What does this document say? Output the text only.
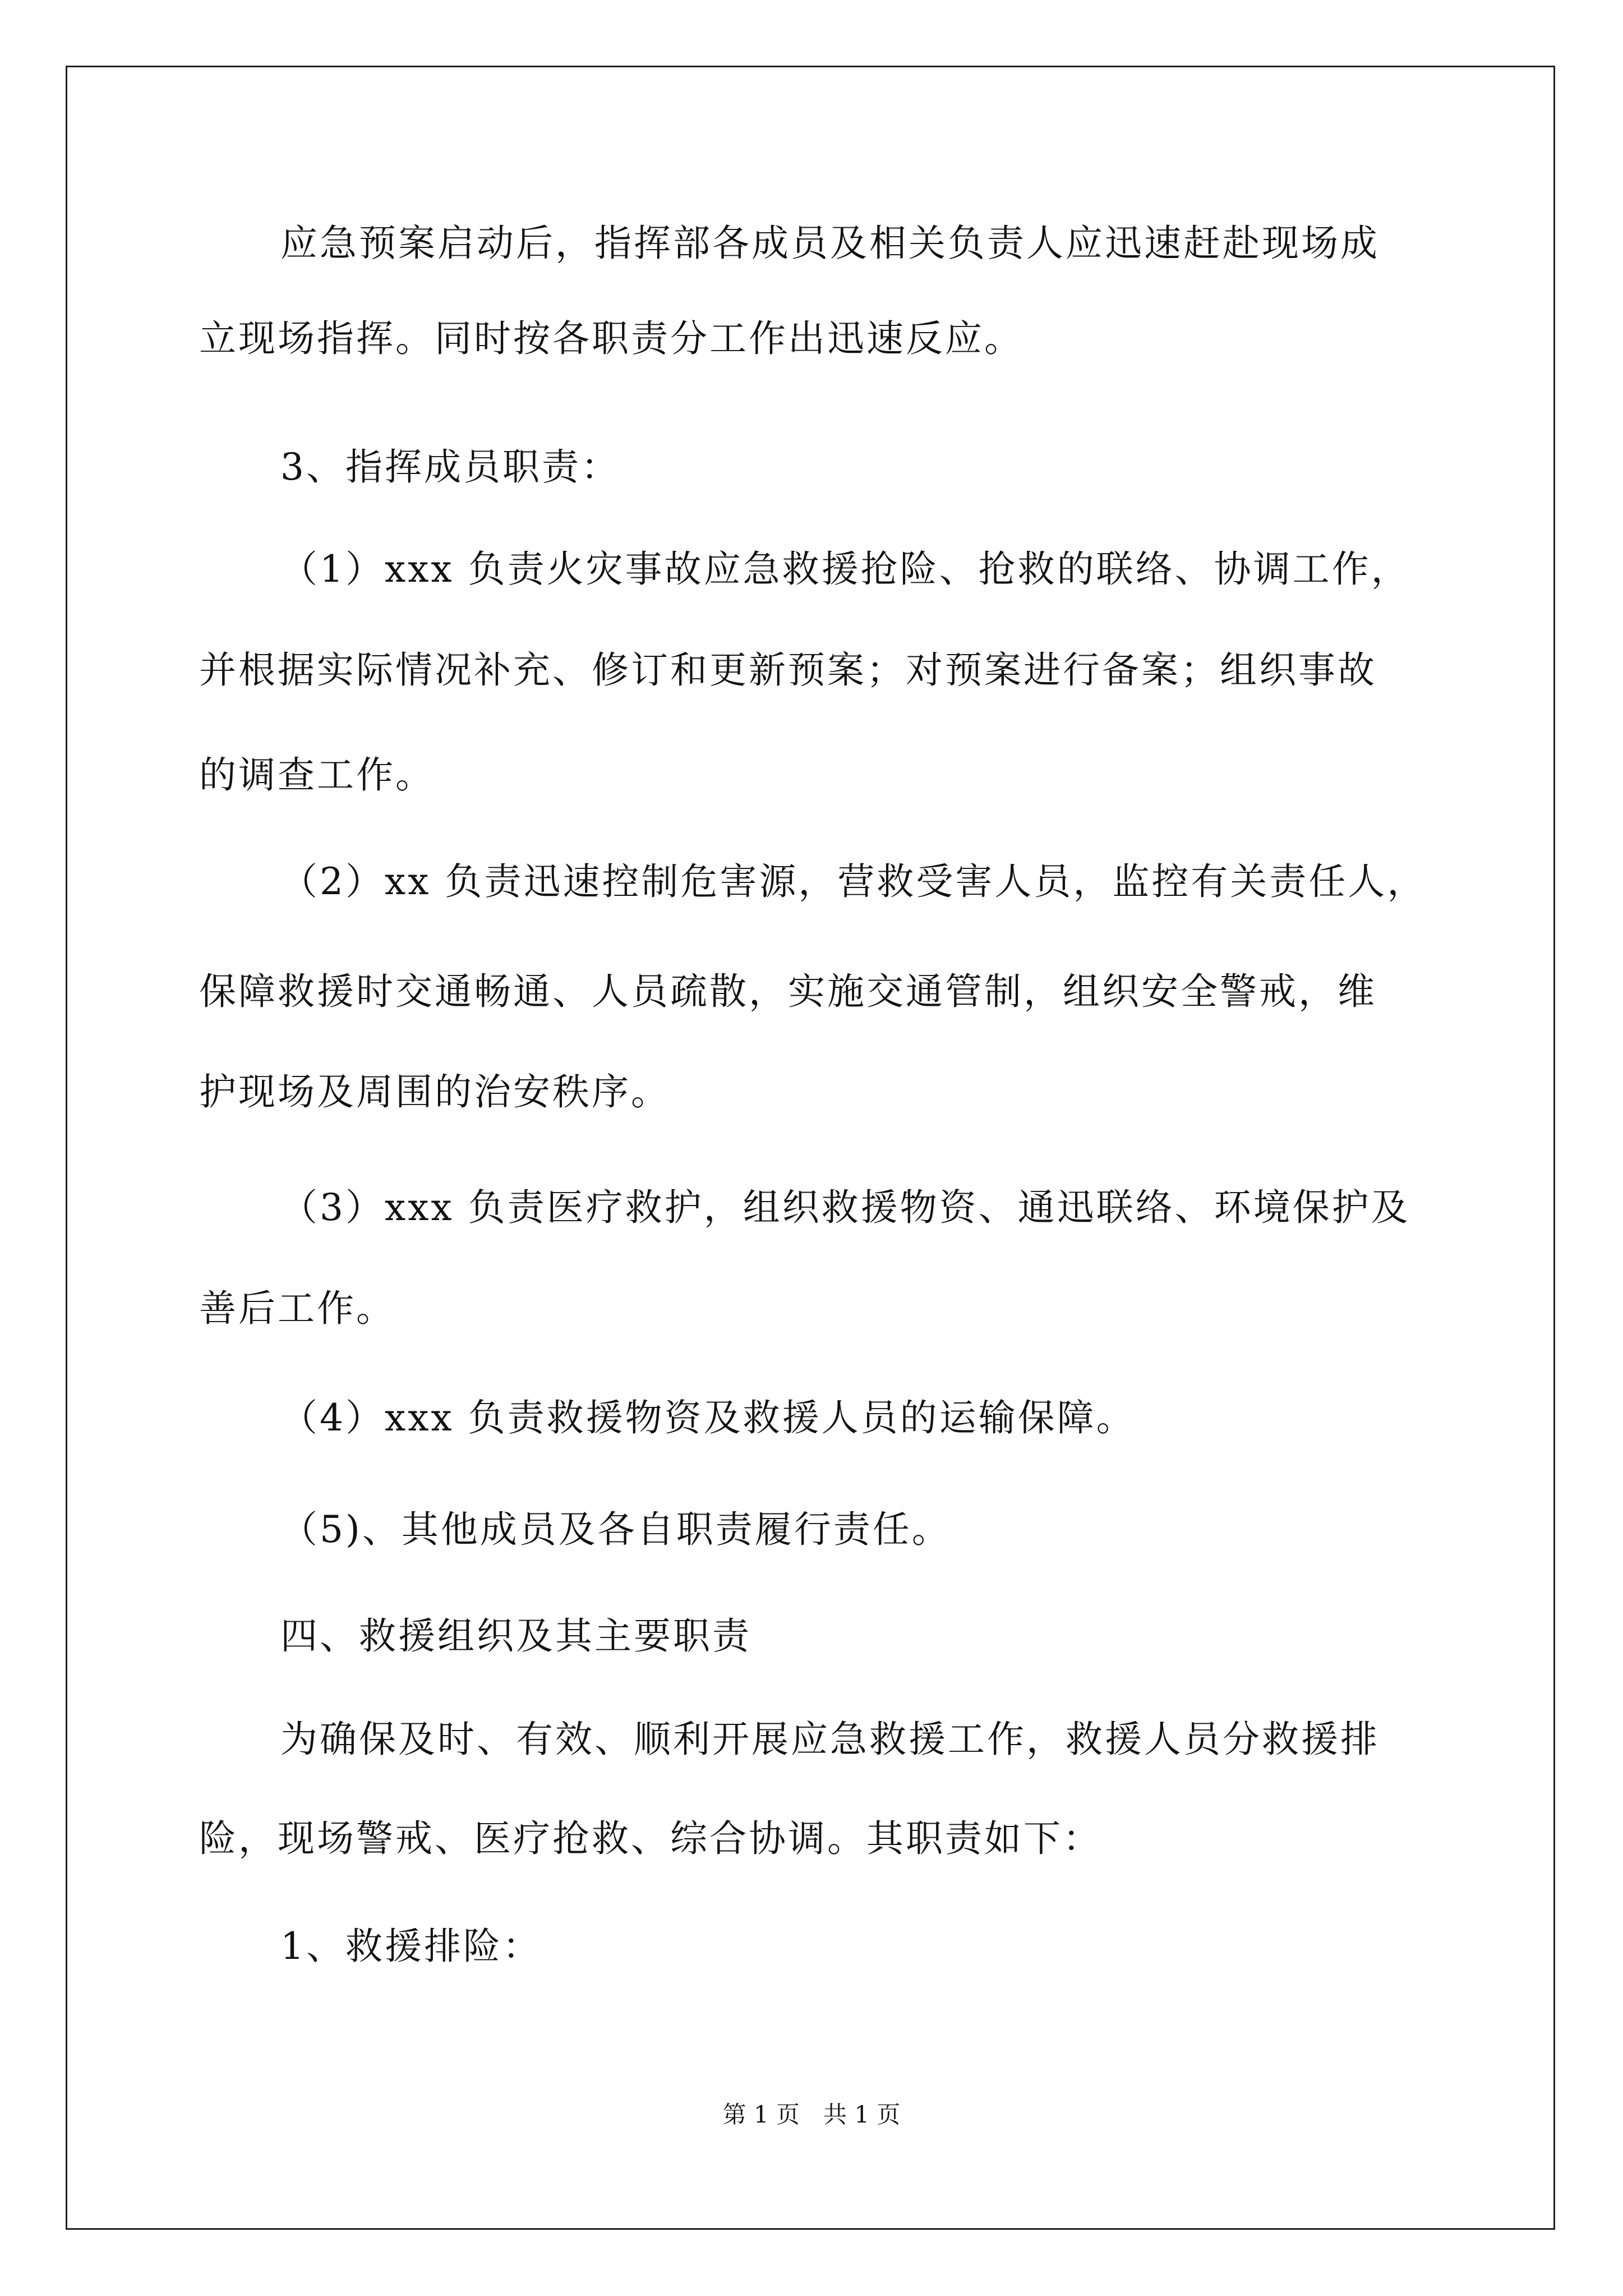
应急预案启动后，指挥部各成员及相关负责人应迅速赶赴现场成
立现场指挥。同时按各职责分工作出迅速反应。
3、指挥成员职责：
（1）xxx 负责火灾事故应急救援抢险、抢救的联络、协调工作，
并根据实际情况补充、修订和更新预案；对预案进行备案；组织事故
的调查工作。
（2）xx 负责迅速控制危害源，营救受害人员，监控有关责任人，
保障救援时交通畅通、人员疏散，实施交通管制，组织安全警戒，维
护现场及周围的治安秩序。
（3）xxx 负责医疗救护，组织救援物资、通迅联络、环境保护及
善后工作。
（4）xxx 负责救援物资及救援人员的运输保障。
（5)、其他成员及各自职责履行责任。
四、救援组织及其主要职责
为确保及时、有效、顺利开展应急救援工作，救援人员分救援排
险，现场警戒、医疗抢救、综合协调。其职责如下：
1、救援排险：
第 1 页　共 1 页
